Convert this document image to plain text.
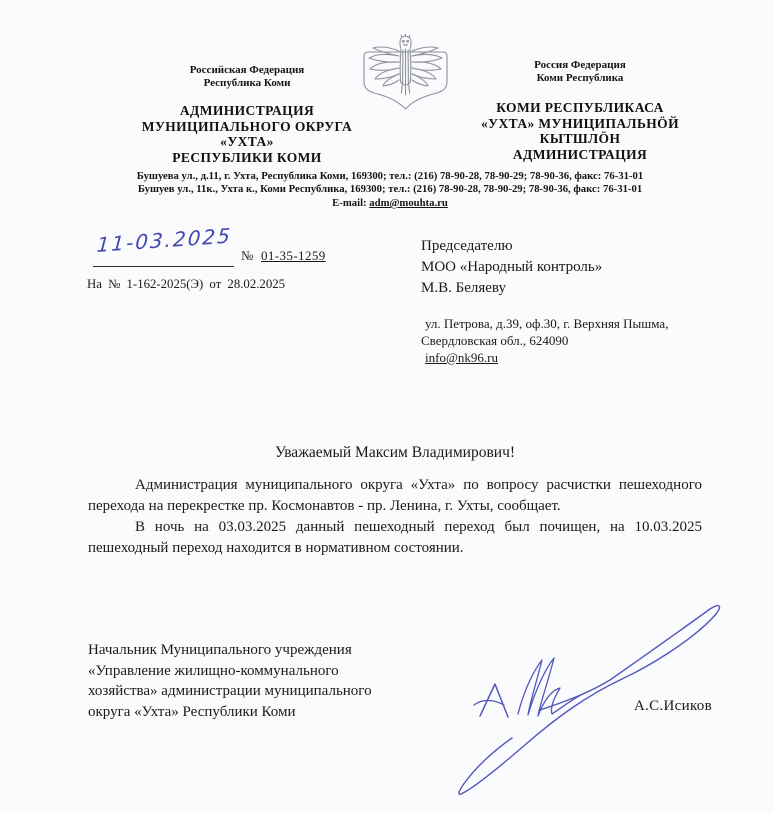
Российская Федерация
Республика Коми
АДМИНИСТРАЦИЯ
МУНИЦИПАЛЬНОГО ОКРУГА
«УХТА»
РЕСПУБЛИКИ КОМИ
Россия Федерация
Коми Республика
КОМИ РЕСПУБЛИКАСА
«УХТА» МУНИЦИПАЛЬНÖЙ
КЫТШЛÖН
АДМИНИСТРАЦИЯ
Бушуева ул., д.11, г. Ухта, Республика Коми, 169300; тел.: (216) 78-90-28, 78-90-29; 78-90-36, факс: 76-31-01
Бушуев ул., 11к., Ухта к., Коми Республика, 169300; тел.: (216) 78-90-28, 78-90-29; 78-90-36, факс: 76-31-01
E-mail: adm@mouhta.ru
11-03.2025 № 01-35-1259
На № 1-162-2025(Э) от 28.02.2025
Председателю
МОО «Народный контроль»
М.В. Беляеву
ул. Петрова, д.39, оф.30, г. Верхняя Пышма,
Свердловская обл., 624090
info@nk96.ru
Уважаемый Максим Владимирович!

Администрация муниципального округа «Ухта» по вопросу расчистки пешеходного перехода на перекрестке пр. Космонавтов - пр. Ленина, г. Ухты, сообщает.

В ночь на 03.03.2025 данный пешеходный переход был почищен, на 10.03.2025 пешеходный переход находится в нормативном состоянии.

Начальник Муниципального учреждения
«Управление жилищно-коммунального
хозяйства» администрации муниципального
округа «Ухта» Республики Коми	А.С.Исиков
